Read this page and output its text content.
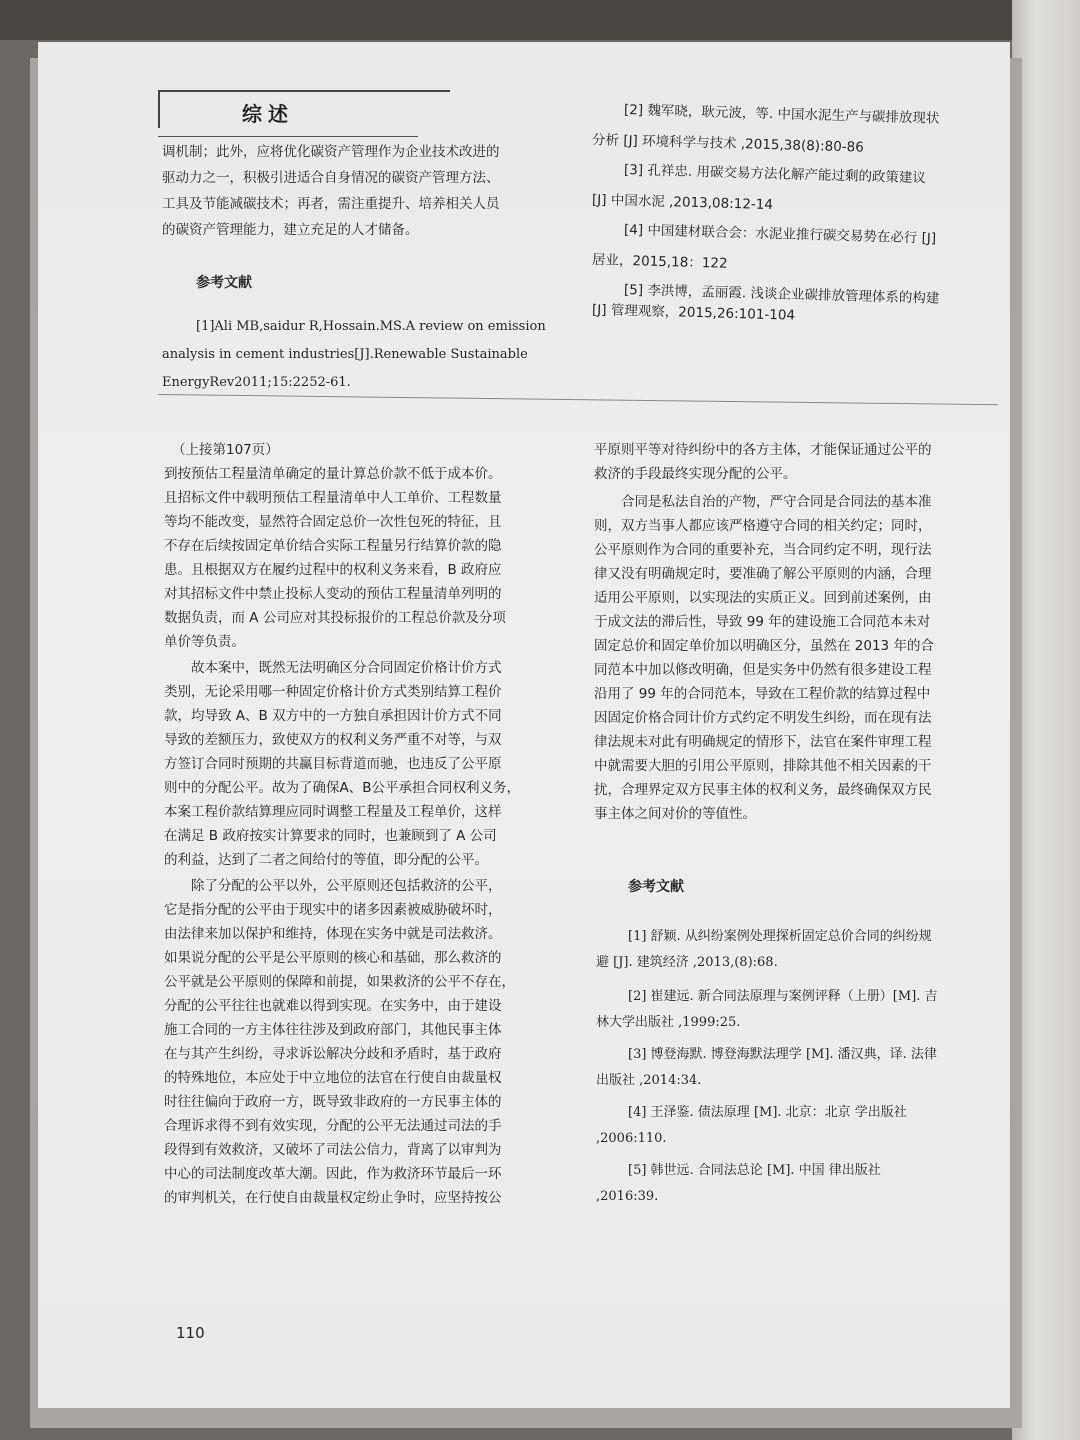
综述
调机制；此外，应将优化碳资产管理作为企业技术改进的
驱动力之一，积极引进适合自身情况的碳资产管理方法、
工具及节能减碳技术；再者，需注重提升、培养相关人员
的碳资产管理能力，建立充足的人才储备。
参考文献
[1]Ali MB,saidur R,Hossain.MS.A review on emission
analysis in cement industries[J].Renewable Sustainable
EnergyRev2011;15:2252-61.
[2] 魏军晓，耿元波，等. 中国水泥生产与碳排放现状
分析 [J] 环境科学与技术 ,2015,38(8):80-86
[3] 孔祥忠. 用碳交易方法化解产能过剩的政策建议
[J] 中国水泥 ,2013,08:12-14
[4] 中国建材联合会：水泥业推行碳交易势在必行 [J]
居业，2015,18：122
[5] 李洪博，孟丽霞. 浅谈企业碳排放管理体系的构建
[J] 管理观察，2015,26:101-104
（上接第107页）
到按预估工程量清单确定的量计算总价款不低于成本价。
且招标文件中载明预估工程量清单中人工单价、工程数量
等均不能改变，显然符合固定总价一次性包死的特征，且
不存在后续按固定单价结合实际工程量另行结算价款的隐
患。且根据双方在履约过程中的权利义务来看，B 政府应
对其招标文件中禁止投标人变动的预估工程量清单列明的
数据负责，而 A 公司应对其投标报价的工程总价款及分项
单价等负责。
　　故本案中，既然无法明确区分合同固定价格计价方式
类别，无论采用哪一种固定价格计价方式类别结算工程价
款，均导致 A、B 双方中的一方独自承担因计价方式不同
导致的差额压力，致使双方的权利义务严重不对等，与双
方签订合同时预期的共赢目标背道而驰，也违反了公平原
则中的分配公平。故为了确保A、B公平承担合同权利义务，
本案工程价款结算理应同时调整工程量及工程单价，这样
在满足 B 政府按实计算要求的同时，也兼顾到了 A 公司
的利益，达到了二者之间给付的等值，即分配的公平。
　　除了分配的公平以外，公平原则还包括救济的公平，
它是指分配的公平由于现实中的诸多因素被威胁破坏时，
由法律来加以保护和维持，体现在实务中就是司法救济。
如果说分配的公平是公平原则的核心和基础，那么救济的
公平就是公平原则的保障和前提，如果救济的公平不存在，
分配的公平往往也就难以得到实现。在实务中，由于建设
施工合同的一方主体往往涉及到政府部门，其他民事主体
在与其产生纠纷，寻求诉讼解决分歧和矛盾时，基于政府
的特殊地位，本应处于中立地位的法官在行使自由裁量权
时往往偏向于政府一方，既导致非政府的一方民事主体的
合理诉求得不到有效实现，分配的公平无法通过司法的手
段得到有效救济，又破坏了司法公信力，背离了以审判为
中心的司法制度改革大潮。因此，作为救济环节最后一环
的审判机关，在行使自由裁量权定纷止争时，应坚持按公
平原则平等对待纠纷中的各方主体，才能保证通过公平的
救济的手段最终实现分配的公平。
　　合同是私法自治的产物，严守合同是合同法的基本准
则，双方当事人都应该严格遵守合同的相关约定；同时，
公平原则作为合同的重要补充，当合同约定不明，现行法
律又没有明确规定时，要准确了解公平原则的内涵，合理
适用公平原则，以实现法的实质正义。回到前述案例，由
于成文法的滞后性，导致 99 年的建设施工合同范本未对
固定总价和固定单价加以明确区分，虽然在 2013 年的合
同范本中加以修改明确，但是实务中仍然有很多建设工程
沿用了 99 年的合同范本，导致在工程价款的结算过程中
因固定价格合同计价方式约定不明发生纠纷，而在现有法
律法规未对此有明确规定的情形下，法官在案件审理工程
中就需要大胆的引用公平原则，排除其他不相关因素的干
扰，合理界定双方民事主体的权利义务，最终确保双方民
事主体之间对价的等值性。
参考文献
[1] 舒颖. 从纠纷案例处理探析固定总价合同的纠纷规
避 [J]. 建筑经济 ,2013,(8):68.
[2] 崔建远. 新合同法原理与案例评释（上册）[M]. 吉
林大学出版社 ,1999:25.
[3] 博登海默. 博登海默法理学 [M]. 潘汉典，译. 法律
出版社 ,2014:34.
[4] 王泽鉴. 债法原理 [M]. 北京：北京 学出版社
,2006:110.
[5] 韩世远. 合同法总论 [M]. 中国 律出版社
,2016:39.
110
